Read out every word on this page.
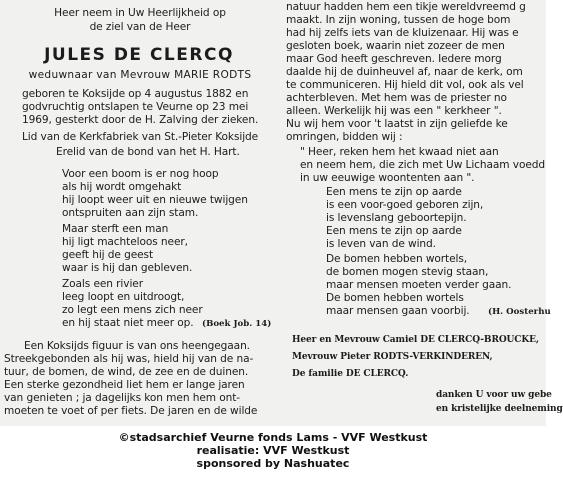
Heer neem in Uw Heerlijkheid op
de ziel van de Heer
JULES DE CLERCQ
weduwnaar van Mevrouw MARIE RODTS
geboren te Koksijde op 4 augustus 1882 en
godvruchtig ontslapen te Veurne op 23 mei
1969, gesterkt door de H. Zalving der zieken.
Lid van de Kerkfabriek van St.-Pieter Koksijde
Erelid van de bond van het H. Hart.
Voor een boom is er nog hoop
als hij wordt omgehakt
hij loopt weer uit en nieuwe twijgen
ontspruiten aan zijn stam.
Maar sterft een man
hij ligt machteloos neer,
geeft hij de geest
waar is hij dan gebleven.
Zoals een rivier
leeg loopt en uitdroogt,
zo legt een mens zich neer
en hij staat niet meer op. (Boek Job. 14)
Een Koksijds figuur is van ons heengegaan.
Streekgebonden als hij was, hield hij van de na-
tuur, de bomen, de wind, de zee en de duinen.
Een sterke gezondheid liet hem er lange jaren
van genieten ; ja dagelijks kon men hem ont-
moeten te voet of per fiets. De jaren en de wilde
natuur hadden hem een tikje wereldvreemd g
maakt. In zijn woning, tussen de hoge bom
had hij zelfs iets van de kluizenaar. Hij was e
gesloten boek, waarin niet zozeer de men
maar God heeft geschreven. Iedere morg
daalde hij de duinheuvel af, naar de kerk, om
te communiceren. Hij hield dit vol, ook als vel
achterbleven. Met hem was de priester no
alleen. Werkelijk hij was een " kerkheer ".
Nu wij hem voor 't laatst in zijn geliefde ke
omringen, bidden wij :
" Heer, reken hem het kwaad niet aan
en neem hem, die zich met Uw Lichaam voedd
in uw eeuwige woontenten aan ".
Een mens te zijn op aarde
is een voor-goed geboren zijn,
is levenslang geboortepijn.
Een mens te zijn op aarde
is leven van de wind.
De bomen hebben wortels,
de bomen mogen stevig staan,
maar mensen moeten verder gaan.
De bomen hebben wortels
maar mensen gaan voorbij. (H. Oosterhu
Heer en Mevrouw Camiel DE CLERCQ-BROUCKE,
Mevrouw Pieter RODTS-VERKINDEREN,
De familie DE CLERCQ.
danken U voor uw gebe
en kristelijke deelneming
©stadsarchief Veurne fonds Lams - VVF Westkust
realisatie: VVF Westkust
sponsored by Nashuatec
